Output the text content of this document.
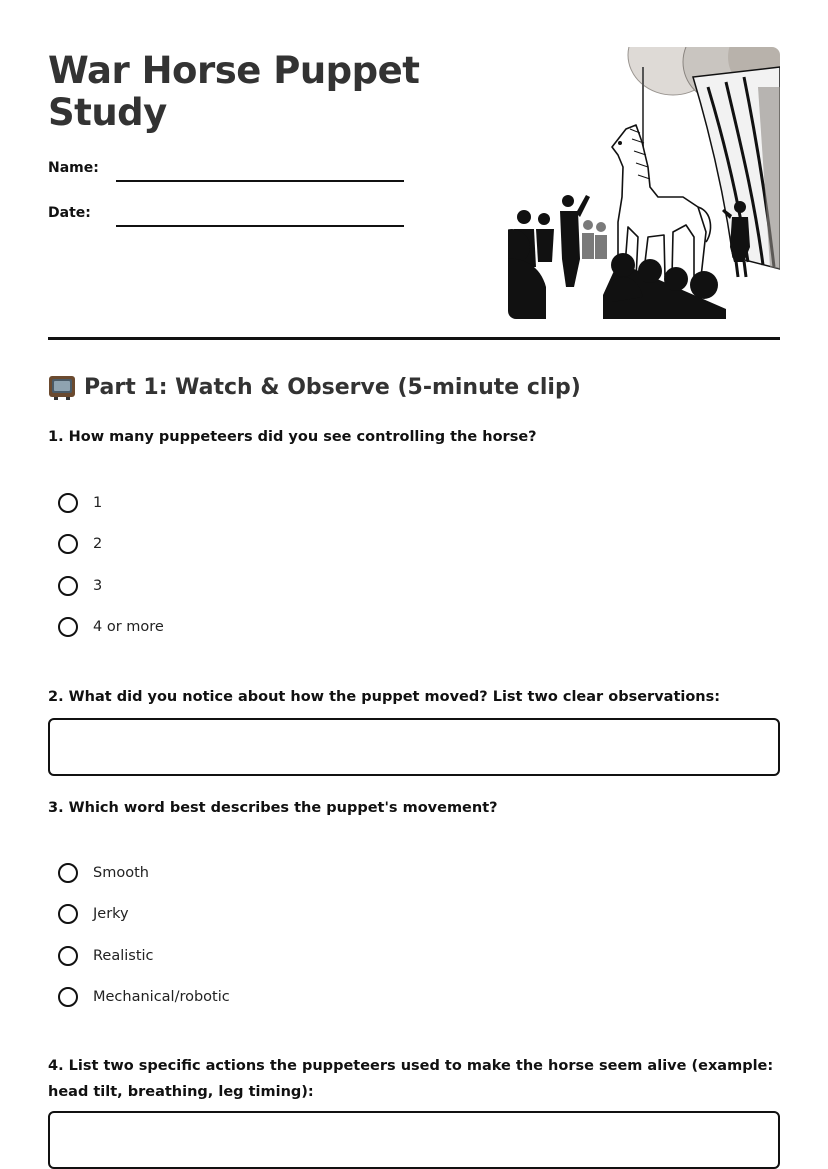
War Horse Puppet Study
Name:
Date:
Part 1: Watch & Observe (5-minute clip)

1. How many puppeteers did you see controlling the horse?

1
2
3
4 or more

2. What did you notice about how the puppet moved? List two clear observations:

3. Which word best describes the puppet's movement?

Smooth
Jerky
Realistic
Mechanical/robotic

4. List two specific actions the puppeteers used to make the horse seem alive (example: head tilt, breathing, leg timing):
